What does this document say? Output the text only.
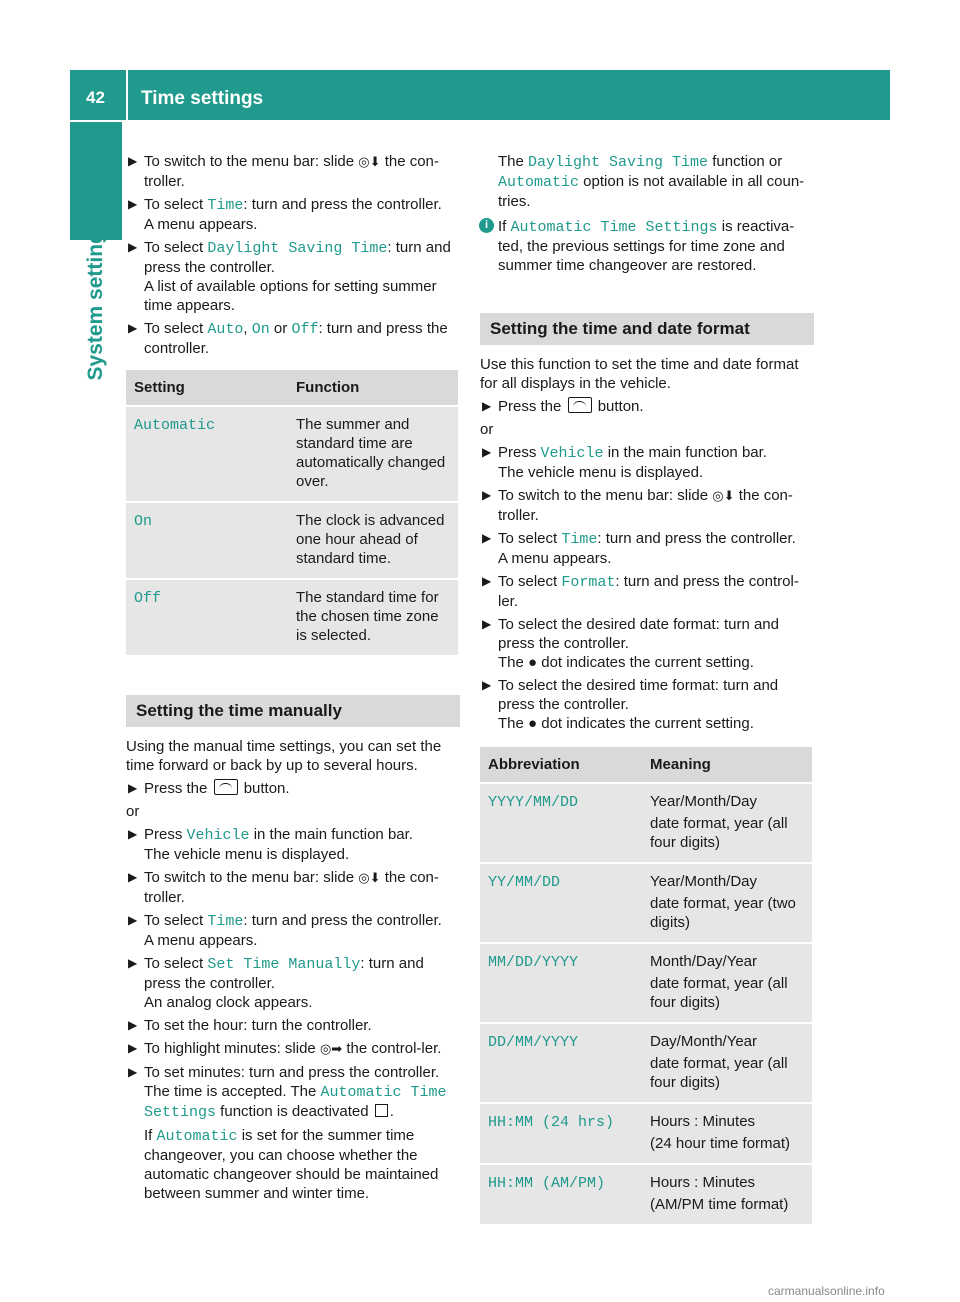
42 Time settings
System settings
▶ To switch to the menu bar: slide ◎⬇ the con-troller.
▶ To select Time: turn and press the controller.
A menu appears.
▶ To select Daylight Saving Time: turn and press the controller.
A list of available options for setting summer time appears.
▶ To select Auto, On or Off: turn and press the controller.
Setting	Function
Automatic	The summer and standard time are automatically changed over.
On	The clock is advanced one hour ahead of standard time.
Off	The standard time for the chosen time zone is selected.
Setting the time manually
Using the manual time settings, you can set the time forward or back by up to several hours.
▶ Press the  button.
or
▶ Press Vehicle in the main function bar.
The vehicle menu is displayed.
▶ To switch to the menu bar: slide ◎⬇ the con-troller.
▶ To select Time: turn and press the controller.
A menu appears.
▶ To select Set Time Manually: turn and press the controller.
An analog clock appears.
▶ To set the hour: turn the controller.
▶ To highlight minutes: slide ◎➡ the control-ler.
▶ To set minutes: turn and press the controller. The time is accepted. The Automatic Time Settings function is deactivated .
If Automatic is set for the summer time changeover, you can choose whether the automatic changeover should be maintained between summer and winter time.
The Daylight Saving Time function or Automatic option is not available in all coun-tries.
i If Automatic Time Settings is reactiva-ted, the previous settings for time zone and summer time changeover are restored.
Setting the time and date format
Use this function to set the time and date format for all displays in the vehicle.
▶ Press the  button.
or
▶ Press Vehicle in the main function bar.
The vehicle menu is displayed.
▶ To switch to the menu bar: slide ◎⬇ the con-troller.
▶ To select Time: turn and press the controller.
A menu appears.
▶ To select Format: turn and press the control-ler.
▶ To select the desired date format: turn and press the controller.
The ● dot indicates the current setting.
▶ To select the desired time format: turn and press the controller.
The ● dot indicates the current setting.
Abbreviation	Meaning
YYYY/MM/DD	Year/Month/Day
date format, year (all four digits)

YY/MM/DD	Year/Month/Day
date format, year (two digits)

MM/DD/YYYY	Month/Day/Year
date format, year (all four digits)

DD/MM/YYYY	Day/Month/Year
date format, year (all four digits)

HH:MM (24 hrs)	Hours : Minutes
(24 hour time format)

HH:MM (AM/PM)	Hours : Minutes
(AM/PM time format)
carmanualsonline.info
